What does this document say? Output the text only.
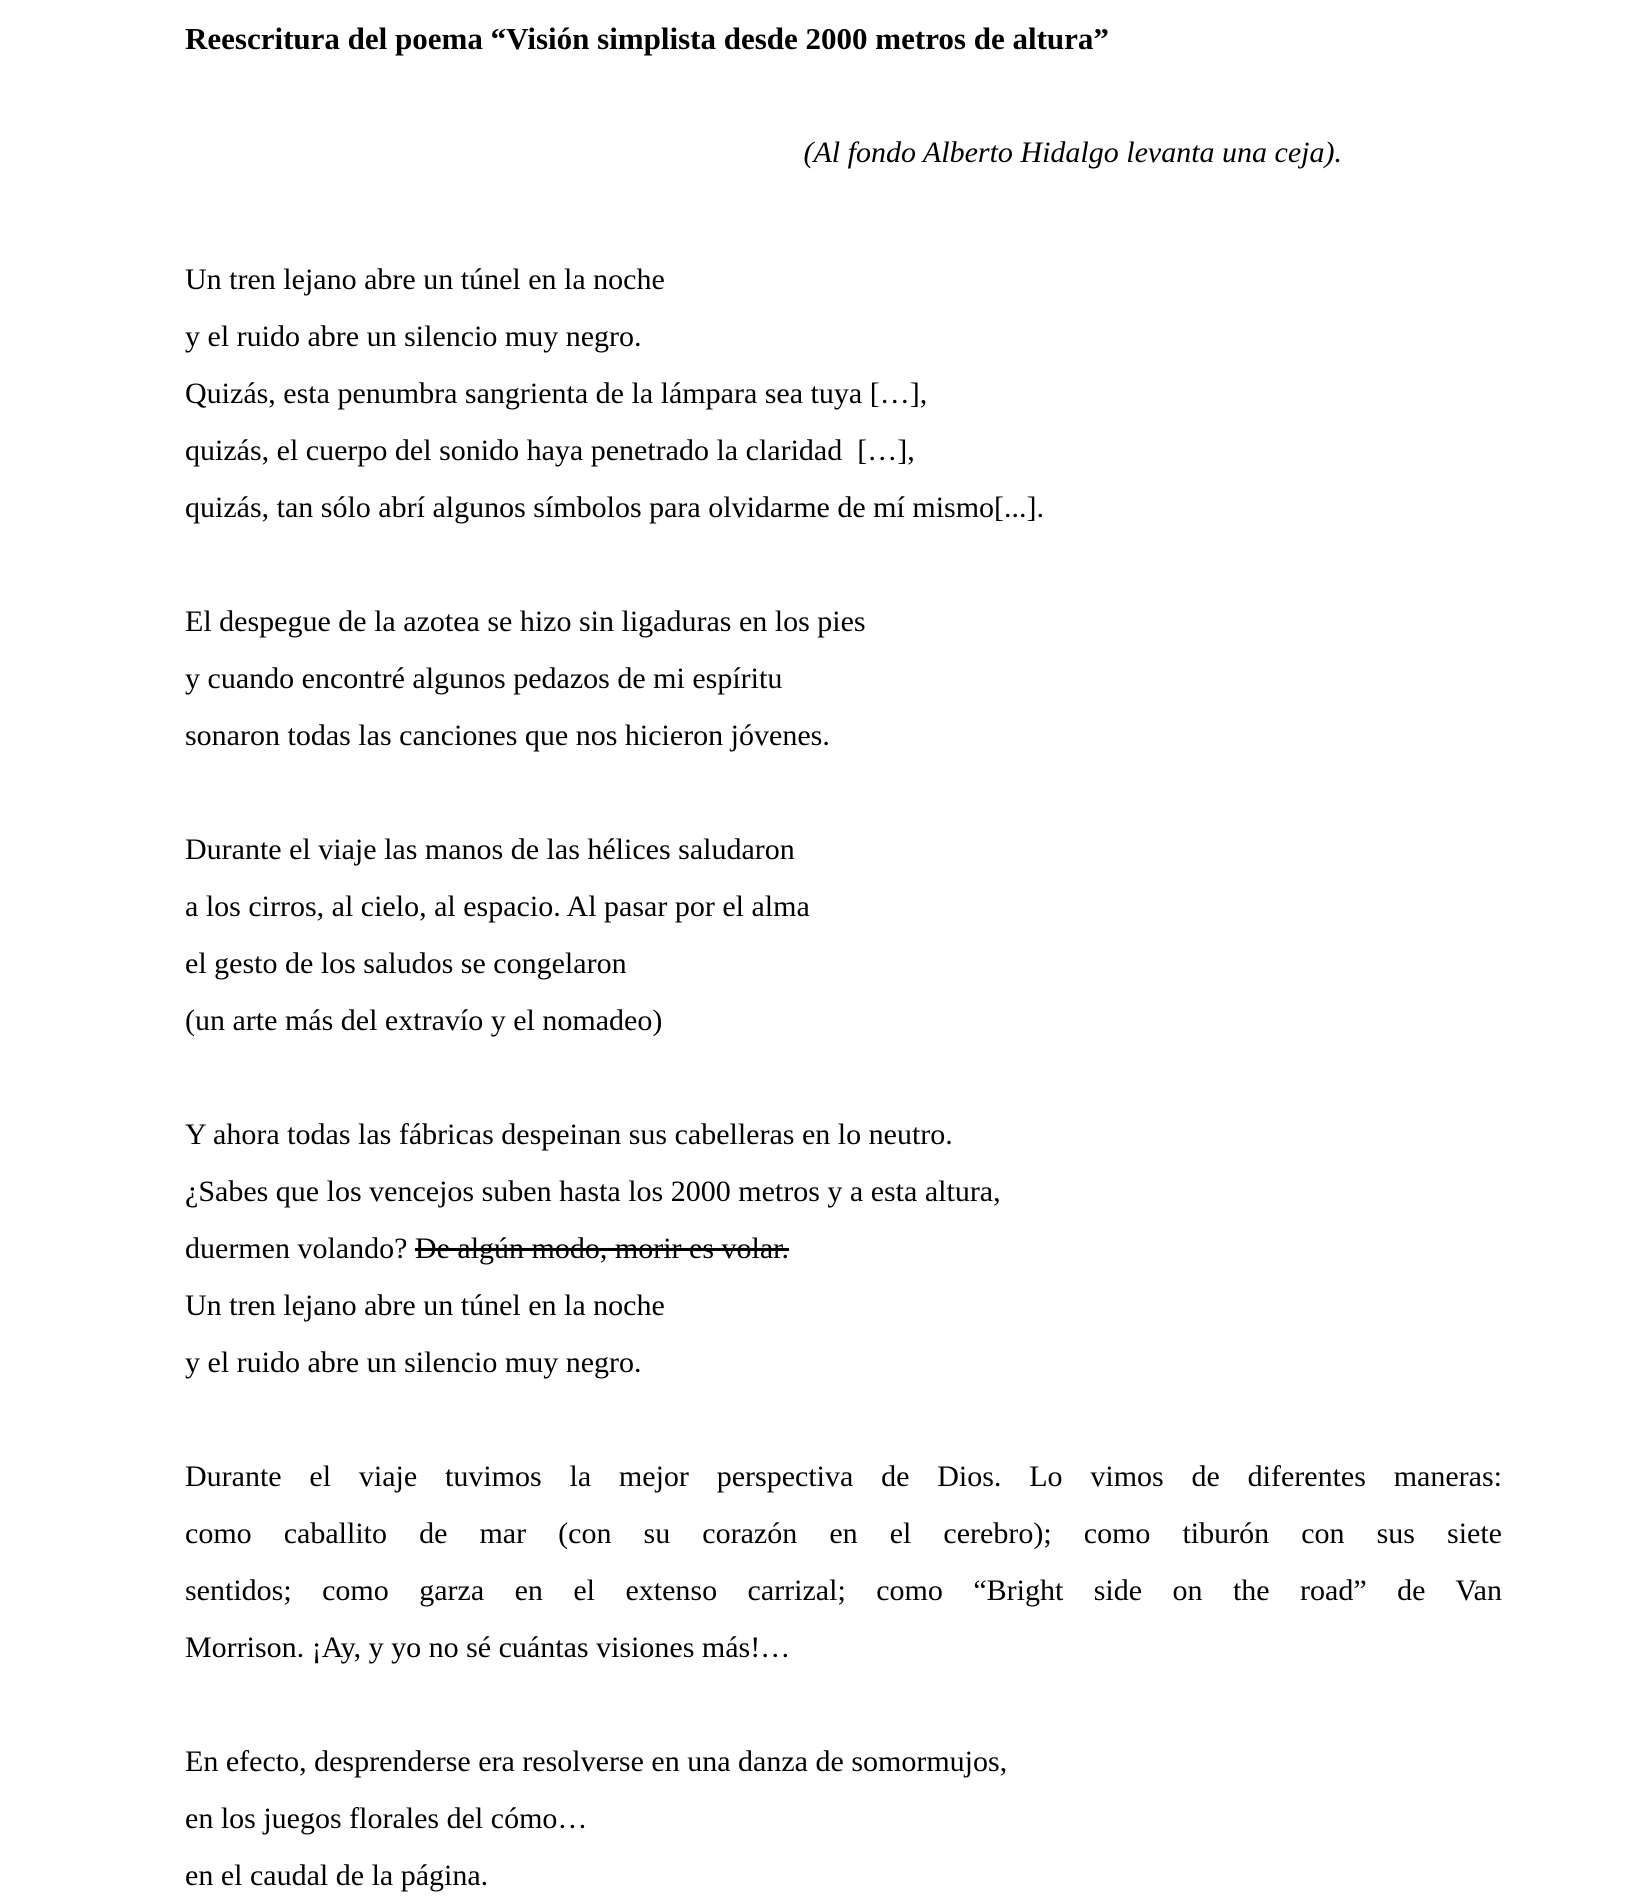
Reescritura del poema “Visión simplista desde 2000 metros de altura”
(Al fondo Alberto Hidalgo levanta una ceja).
Un tren lejano abre un túnel en la noche
y el ruido abre un silencio muy negro.
Quizás, esta penumbra sangrienta de la lámpara sea tuya […],
quizás, el cuerpo del sonido haya penetrado la claridad  […],
quizás, tan sólo abrí algunos símbolos para olvidarme de mí mismo[...].
El despegue de la azotea se hizo sin ligaduras en los pies
y cuando encontré algunos pedazos de mi espíritu
sonaron todas las canciones que nos hicieron jóvenes.
Durante el viaje las manos de las hélices saludaron
a los cirros, al cielo, al espacio. Al pasar por el alma
el gesto de los saludos se congelaron
(un arte más del extravío y el nomadeo)
Y ahora todas las fábricas despeinan sus cabelleras en lo neutro.
¿Sabes que los vencejos suben hasta los 2000 metros y a esta altura,
duermen volando? De algún modo, morir es volar.
Un tren lejano abre un túnel en la noche
y el ruido abre un silencio muy negro.
Durante el viaje tuvimos la mejor perspectiva de Dios. Lo vimos de diferentes maneras:
como caballito de mar (con su corazón en el cerebro); como tiburón con sus siete
sentidos; como garza en el extenso carrizal; como “Bright side on the road” de Van
Morrison. ¡Ay, y yo no sé cuántas visiones más!…
En efecto, desprenderse era resolverse en una danza de somormujos,
en los juegos florales del cómo…
en el caudal de la página.
